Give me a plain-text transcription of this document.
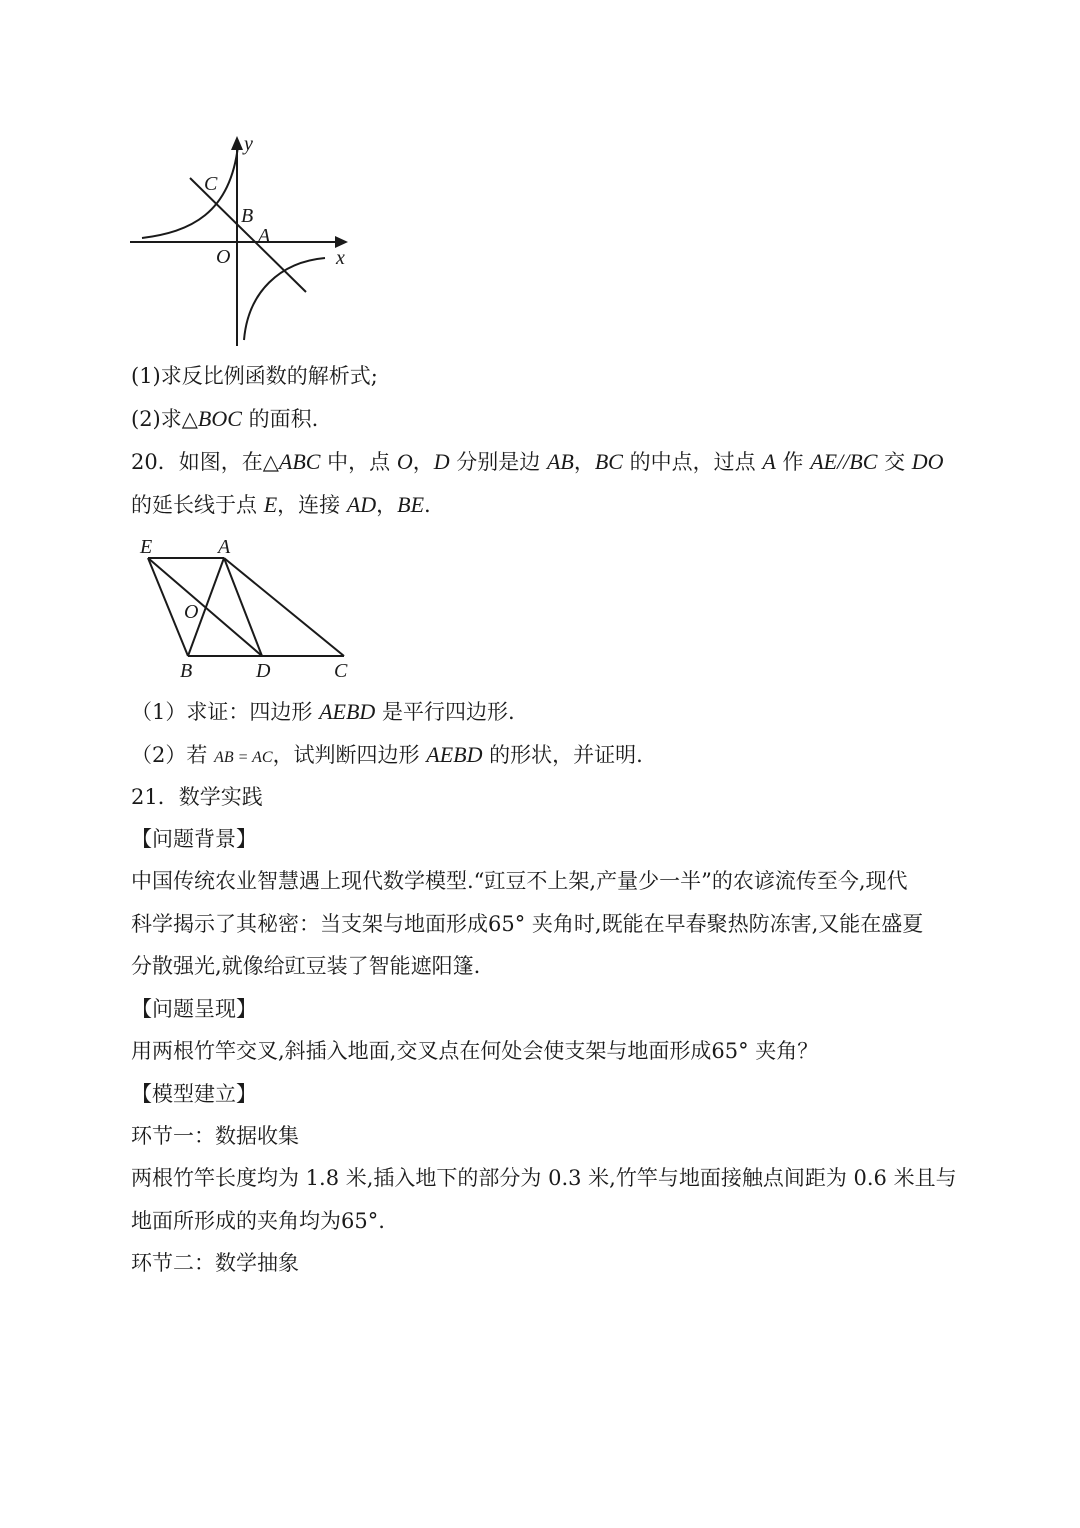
y
x
C
B
A
O
(1)求反比例函数的解析式;
(2)求△BOC 的面积.
20．如图，在△ABC 中，点 O，D 分别是边 AB，BC 的中点，过点 A 作 AE//BC 交 DO
的延长线于点 E，连接 AD，BE.
E	A
O
B	D	C
（1）求证：四边形 AEBD 是平行四边形.
（2）若 AB = AC，试判断四边形 AEBD 的形状，并证明.
21．数学实践
【问题背景】
中国传统农业智慧遇上现代数学模型.“豇豆不上架,产量少一半”的农谚流传至今,现代
科学揭示了其秘密：当支架与地面形成65° 夹角时,既能在早春聚热防冻害,又能在盛夏
分散强光,就像给豇豆装了智能遮阳篷.
【问题呈现】
用两根竹竿交叉,斜插入地面,交叉点在何处会使支架与地面形成65° 夹角？
【模型建立】
环节一：数据收集
两根竹竿长度均为 1.8 米,插入地下的部分为 0.3 米,竹竿与地面接触点间距为 0.6 米且与
地面所形成的夹角均为65°.
环节二：数学抽象
